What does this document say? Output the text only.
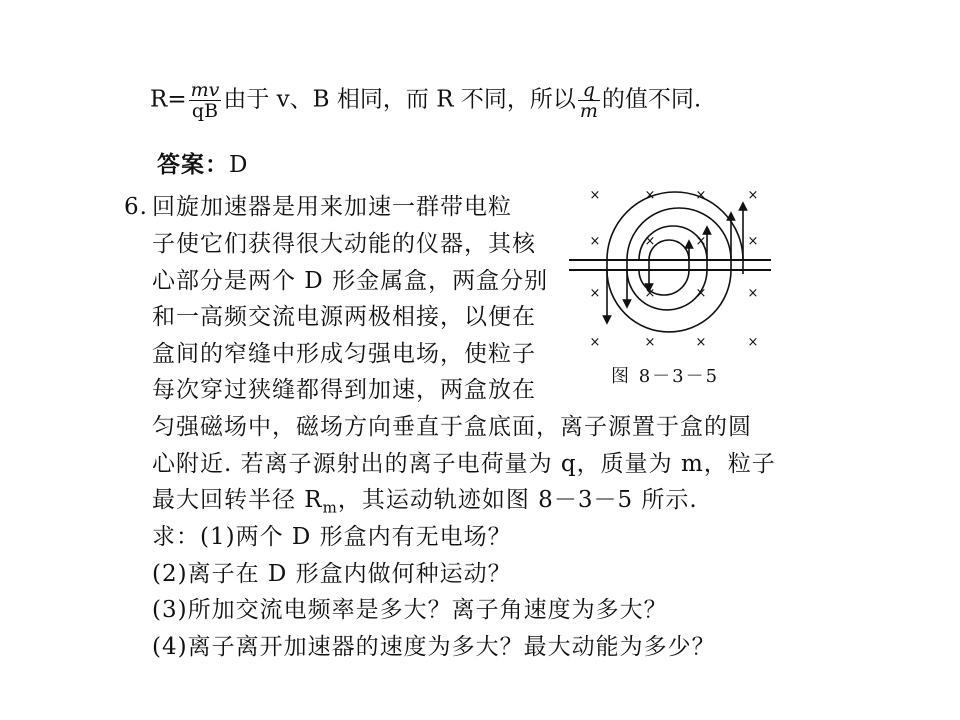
$R= \frac{mv}{qB}$ 由于 v、B 相同，而 R 不同，所以 $\frac{q}{m}$ 的值不同.
答案：D
6. 回旋加速器是用来加速一群带电粒
子使它们获得很大动能的仪器，其核
心部分是两个 D 形金属盒，两盒分别
和一高频交流电源两极相接，以便在
盒间的窄缝中形成匀强电场，使粒子
每次穿过狭缝都得到加速，两盒放在
匀强磁场中，磁场方向垂直于盒底面，离子源置于盒的圆
心附近. 若离子源射出的离子电荷量为 q，质量为 m，粒子
最大回转半径 $R_m$，其运动轨迹如图 8－3－5 所示.
求：(1)两个 D 形盒内有无电场？
(2)离子在 D 形盒内做何种运动？
(3)所加交流电频率是多大？离子角速度为多大？
(4)离子离开加速器的速度为多大？最大动能为多少？
×	×	×	×
×	×	×	×
×	×	×	×
×	×	×	×
图 8－3－5
